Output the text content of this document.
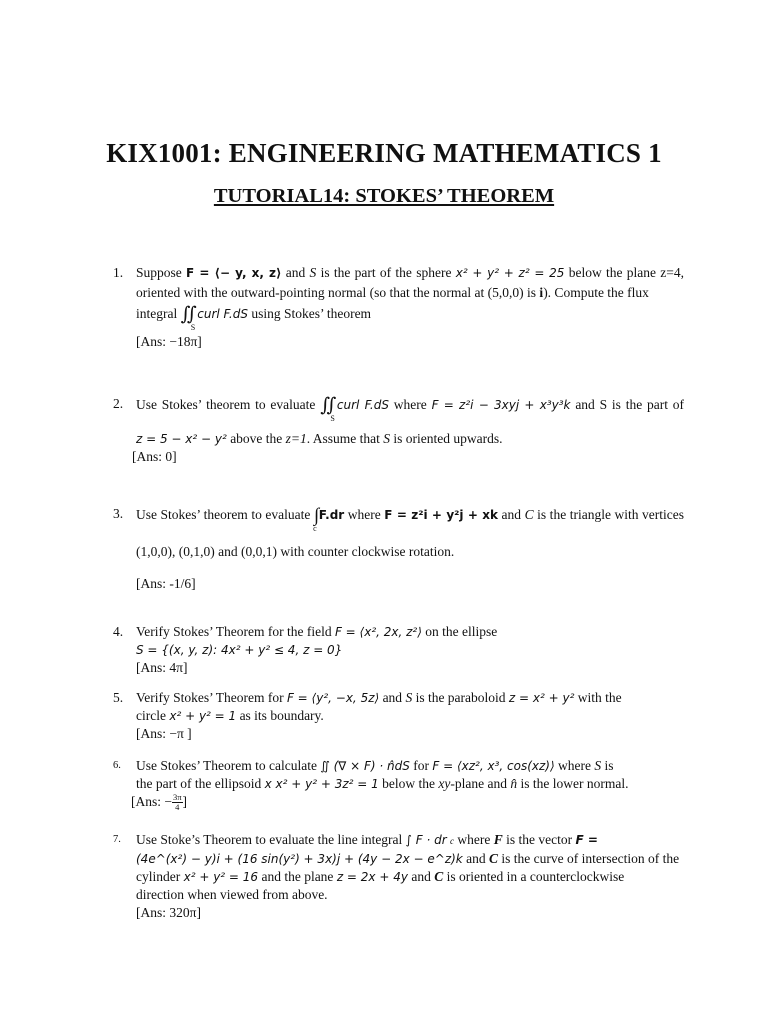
KIX1001: ENGINEERING MATHEMATICS 1
TUTORIAL14: STOKES’ THEOREM
1. Suppose F = ⟨− y, x, z⟩ and S is the part of the sphere x² + y² + z² = 25 below the plane z=4,
oriented with the outward-pointing normal (so that the normal at (5,0,0) is i). Compute the flux
integral $∬_Scurl$ F.dS using Stokes’ theorem
[Ans: −18π]
2. Use Stokes’ theorem to evaluate $∬_Scurl$ F.dS where F = z²i − 3xyj + x³y³k and S is the part of
z = 5 − x² − y² above the z=1. Assume that S is oriented upwards.
[Ans: 0]
3. Use Stokes’ theorem to evaluate $\int_cF.dr$ where F = z²i + y²j + xk and C is the triangle with vertices
(1,0,0), (0,1,0) and (0,0,1) with counter clockwise rotation.
[Ans: -1/6]
4. Verify Stokes’ Theorem for the field F = ⟨x², 2x, z²⟩ on the ellipse
S = {(x, y, z): 4x² + y² ≤ 4, z = 0}
[Ans: 4π]
5. Verify Stokes’ Theorem for F = ⟨y², −x, 5z⟩ and S is the paraboloid z = x² + y² with the
circle x² + y² = 1 as its boundary.
[Ans: −π ]
6.	Use Stokes’ Theorem to calculate ∬ (∇ × F) · n̂dS for F = ⟨xz², x³, cos(xz)⟩ where S is
the part of the ellipsoid x x² + y² + 3z² = 1 below the xy-plane and n̂ is the lower normal.
[Ans: − $\frac{3\pi}{4}$ ]
7.	Use Stoke’s Theorem to evaluate the line integral ∫ F · dr c where F is the vector F =
(4e^(x²) − y)i + (16 sin(y²) + 3x)j + (4y − 2x − e^z)k and C is the curve of intersection of the
cylinder x² + y² = 16 and the plane z = 2x + 4y and C is oriented in a counterclockwise
direction when viewed from above.
[Ans: 320π]
